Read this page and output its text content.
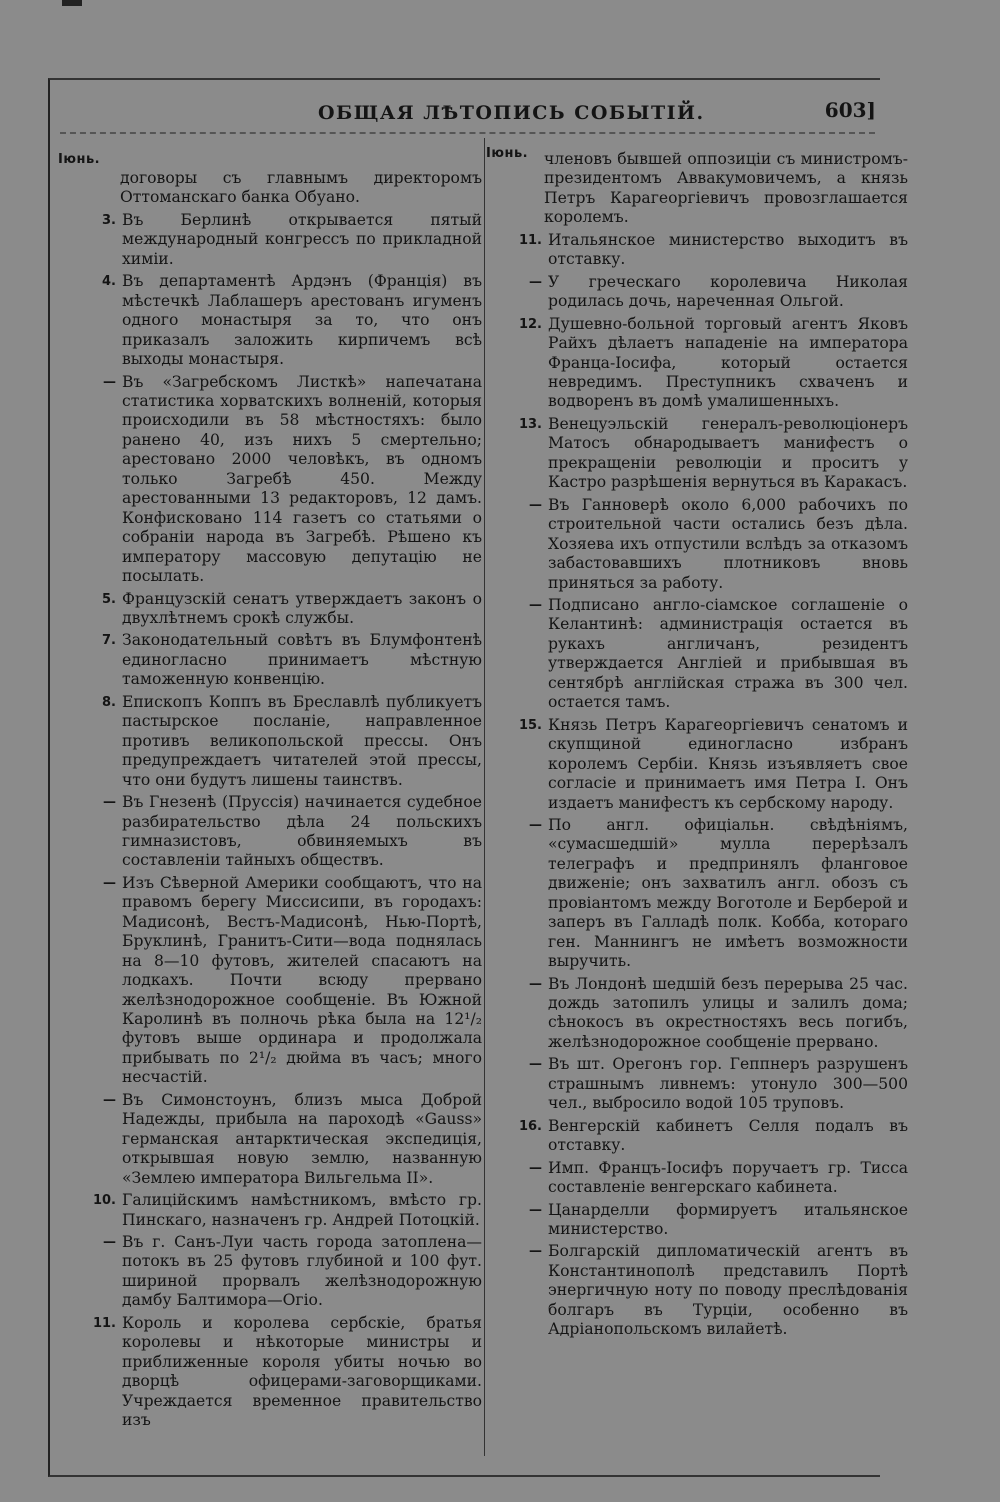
ОБЩАЯ ЛѢТОПИСЬ СОБЫТІЙ.	603]
Іюнь.
договоры съ главнымъ директоромъ Оттоманскаго банка Обуано.
3. Въ Берлинѣ открывается пятый международный конгрессъ по прикладной химіи.
4. Въ департаментѣ Ардэнъ (Франція) въ мѣстечкѣ Лаблашеръ арестованъ игуменъ одного монастыря за то, что онъ приказалъ заложить кирпичемъ всѣ выходы монастыря.
— Въ «Загребскомъ Листкѣ» напечатана статистика хорватскихъ волненій, которыя происходили въ 58 мѣстностяхъ: было ранено 40, изъ нихъ 5 смертельно; арестовано 2000 человѣкъ, въ одномъ только Загребѣ 450. Между арестованными 13 редакторовъ, 12 дамъ. Конфисковано 114 газетъ со статьями о собраніи народа въ Загребѣ. Рѣшено къ императору массовую депутацію не посылать.
5. Французскій сенатъ утверждаетъ законъ о двухлѣтнемъ срокѣ службы.
7. Законодательный совѣтъ въ Блумфонтенѣ единогласно принимаетъ мѣстную таможенную конвенцію.
8. Епископъ Коппъ въ Бреславлѣ публикуетъ пастырское посланіе, направленное противъ великопольской прессы. Онъ предупреждаетъ читателей этой прессы, что они будутъ лишены таинствъ.
— Въ Гнезенѣ (Пруссія) начинается судебное разбирательство дѣла 24 польскихъ гимназистовъ, обвиняемыхъ въ составленіи тайныхъ обществъ.
— Изъ Сѣверной Америки сообщаютъ, что на правомъ берегу Миссисипи, въ городахъ: Мадисонѣ, Вестъ-Мадисонѣ, Нью-Портѣ, Бруклинѣ, Гранитъ-Сити—вода поднялась на 8—10 футовъ, жителей спасаютъ на лодкахъ. Почти всюду прервано желѣзнодорожное сообщеніе. Въ Южной Каролинѣ въ полночь рѣка была на 12¹/₂ футовъ выше ординара и продолжала прибывать по 2¹/₂ дюйма въ часъ; много несчастій.
— Въ Симонстоунъ, близъ мыса Доброй Надежды, прибыла на пароходѣ «Gauss» германская антарктическая экспедиція, открывшая новую землю, названную «Землею императора Вильгельма II».
10. Галиційскимъ намѣстникомъ, вмѣсто гр. Пинскаго, назначенъ гр. Андрей Потоцкій.
— Въ г. Санъ-Луи часть города затоплена—потокъ въ 25 футовъ глубиной и 100 фут. шириной прорвалъ желѣзнодорожную дамбу Балтимора—Огіо.
11. Король и королева сербскіе, братья королевы и нѣкоторые министры и приближенные короля убиты ночью во дворцѣ офицерами-заговорщиками. Учреждается временное правительство изъ
Іюнь.	членовъ бывшей оппозиціи съ министромъ-президентомъ Аввакумовичемъ, а князь Петръ Карагеоргіевичъ провозглашается королемъ.
11. Итальянское министерство выходитъ въ отставку.
— У греческаго королевича Николая родилась дочь, нареченная Ольгой.
12. Душевно-больной торговый агентъ Яковъ Райхъ дѣлаетъ нападеніе на императора Франца-Іосифа, который остается невредимъ. Преступникъ схваченъ и водворенъ въ домѣ умалишенныхъ.
13. Венецуэльскій генералъ-революціонеръ Матосъ обнародываетъ манифестъ о прекращеніи революціи и проситъ у Кастро разрѣшенія вернуться въ Каракасъ.
— Въ Ганноверѣ около 6,000 рабочихъ по строительной части остались безъ дѣла. Хозяева ихъ отпустили вслѣдъ за отказомъ забастовавшихъ плотниковъ вновь приняться за работу.
— Подписано англо-сіамское соглашеніе о Келантинѣ: администрація остается въ рукахъ англичанъ, резидентъ утверждается Англіей и прибывшая въ сентябрѣ англійская стража въ 300 чел. остается тамъ.
15. Князь Петръ Карагеоргіевичъ сенатомъ и скупщиной единогласно избранъ королемъ Сербіи. Князь изъявляетъ свое согласіе и принимаетъ имя Петра I. Онъ издаетъ манифестъ къ сербскому народу.
— По англ. офиціальн. свѣдѣніямъ, «сумасшедшій» мулла перерѣзалъ телеграфъ и предпринялъ фланговое движеніе; онъ захватилъ англ. обозъ съ провіантомъ между Воготоле и Берберой и заперъ въ Галладѣ полк. Кобба, котораго ген. Маннингъ не имѣетъ возможности выручить.
— Въ Лондонѣ шедшій безъ перерыва 25 час. дождь затопилъ улицы и залилъ дома; сѣнокосъ въ окрестностяхъ весь погибъ, желѣзнодорожное сообщеніе прервано.
— Въ шт. Орегонъ гор. Геппнеръ разрушенъ страшнымъ ливнемъ: утонуло 300—500 чел., выбросило водой 105 труповъ.
16. Венгерскій кабинетъ Селля подалъ въ отставку.
— Имп. Францъ-Іосифъ поручаетъ гр. Тисса составленіе венгерскаго кабинета.
— Цанарделли формируетъ итальянское министерство.
— Болгарскій дипломатическій агентъ въ Константинополѣ представилъ Портѣ энергичную ноту по поводу преслѣдованія болгаръ въ Турціи, особенно въ Адріанопольскомъ вилайетѣ.
